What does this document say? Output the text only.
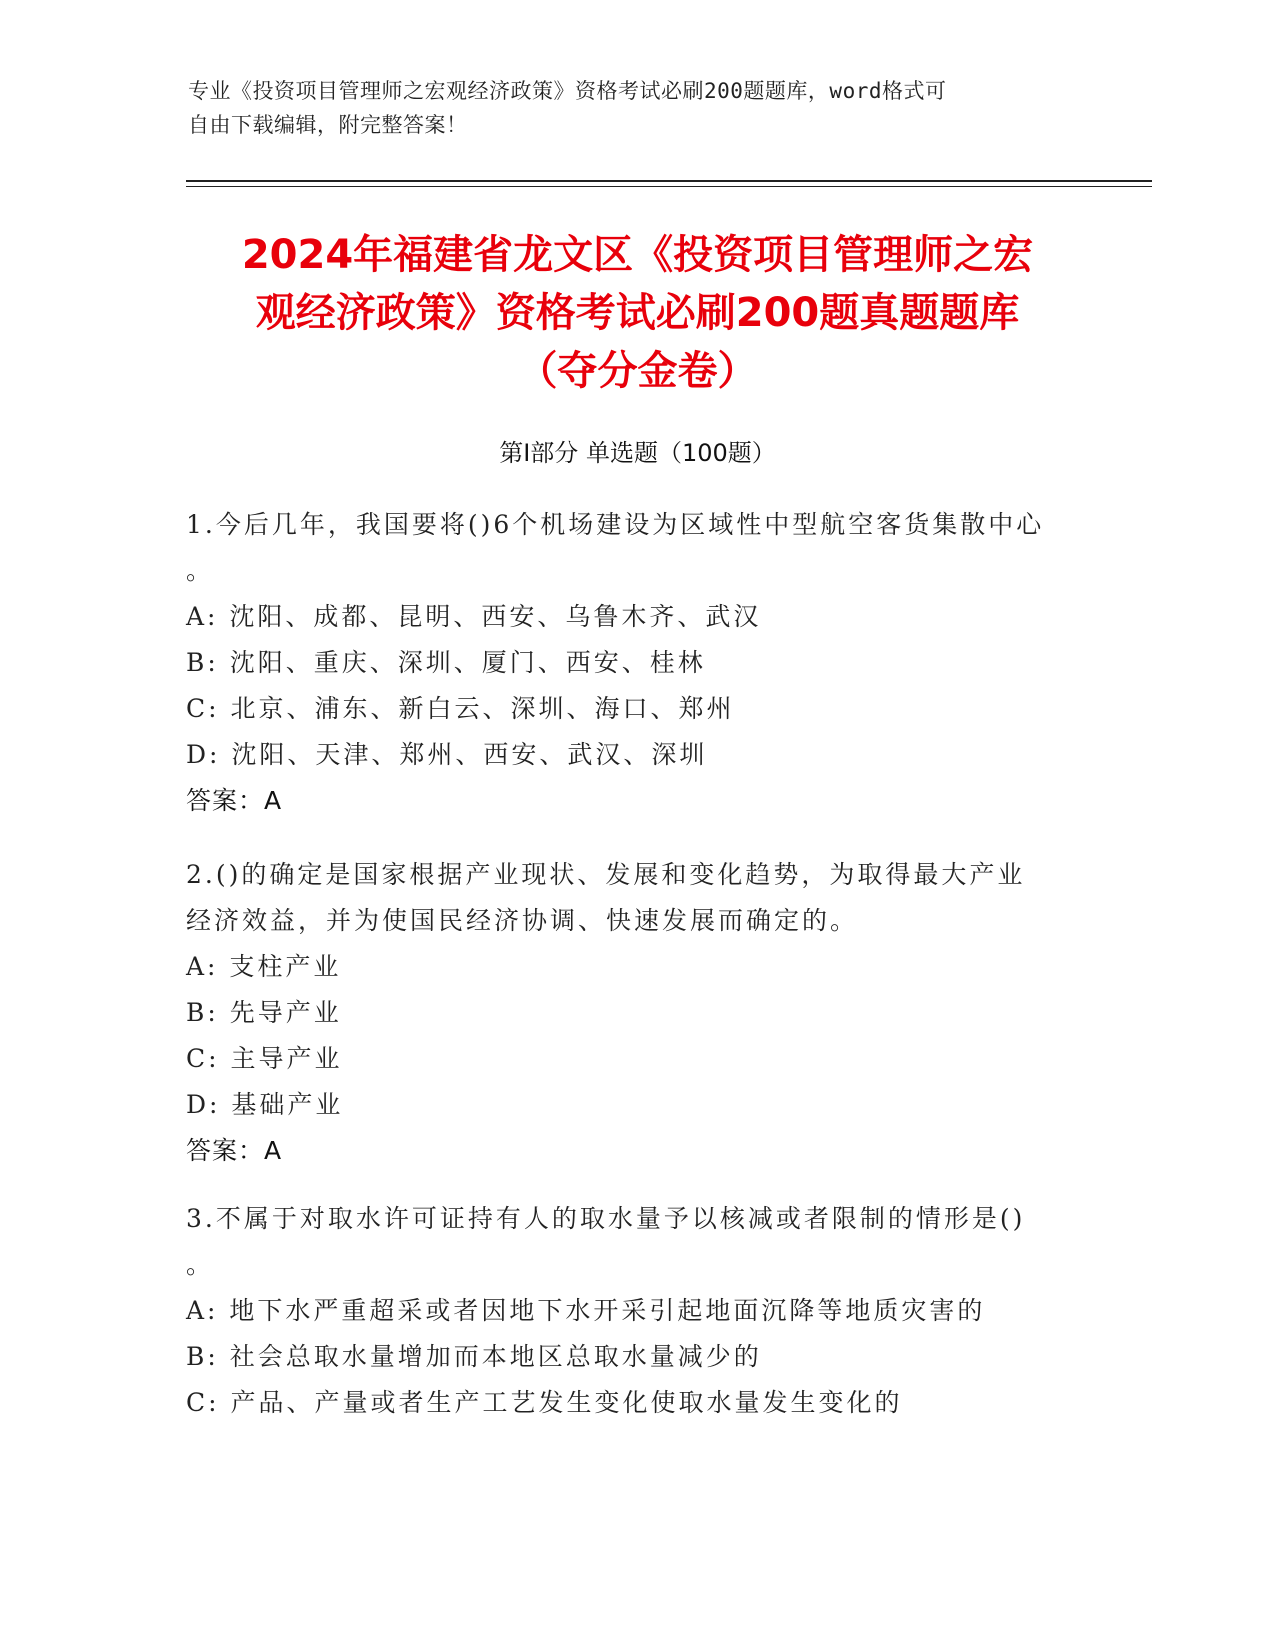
专业《投资项目管理师之宏观经济政策》资格考试必刷200题题库，word格式可
自由下载编辑，附完整答案！
2024年福建省龙文区《投资项目管理师之宏
观经济政策》资格考试必刷200题真题题库
（夺分金卷）
第Ⅰ部分 单选题（100题）
1.今后几年，我国要将()6个机场建设为区域性中型航空客货集散中心
。
A: 沈阳、成都、昆明、西安、乌鲁木齐、武汉
B: 沈阳、重庆、深圳、厦门、西安、桂林
C: 北京、浦东、新白云、深圳、海口、郑州
D: 沈阳、天津、郑州、西安、武汉、深圳
答案：A
2.()的确定是国家根据产业现状、发展和变化趋势，为取得最大产业
经济效益，并为使国民经济协调、快速发展而确定的。
A: 支柱产业
B: 先导产业
C: 主导产业
D: 基础产业
答案：A
3.不属于对取水许可证持有人的取水量予以核减或者限制的情形是()
。
A: 地下水严重超采或者因地下水开采引起地面沉降等地质灾害的
B: 社会总取水量增加而本地区总取水量减少的
C: 产品、产量或者生产工艺发生变化使取水量发生变化的
